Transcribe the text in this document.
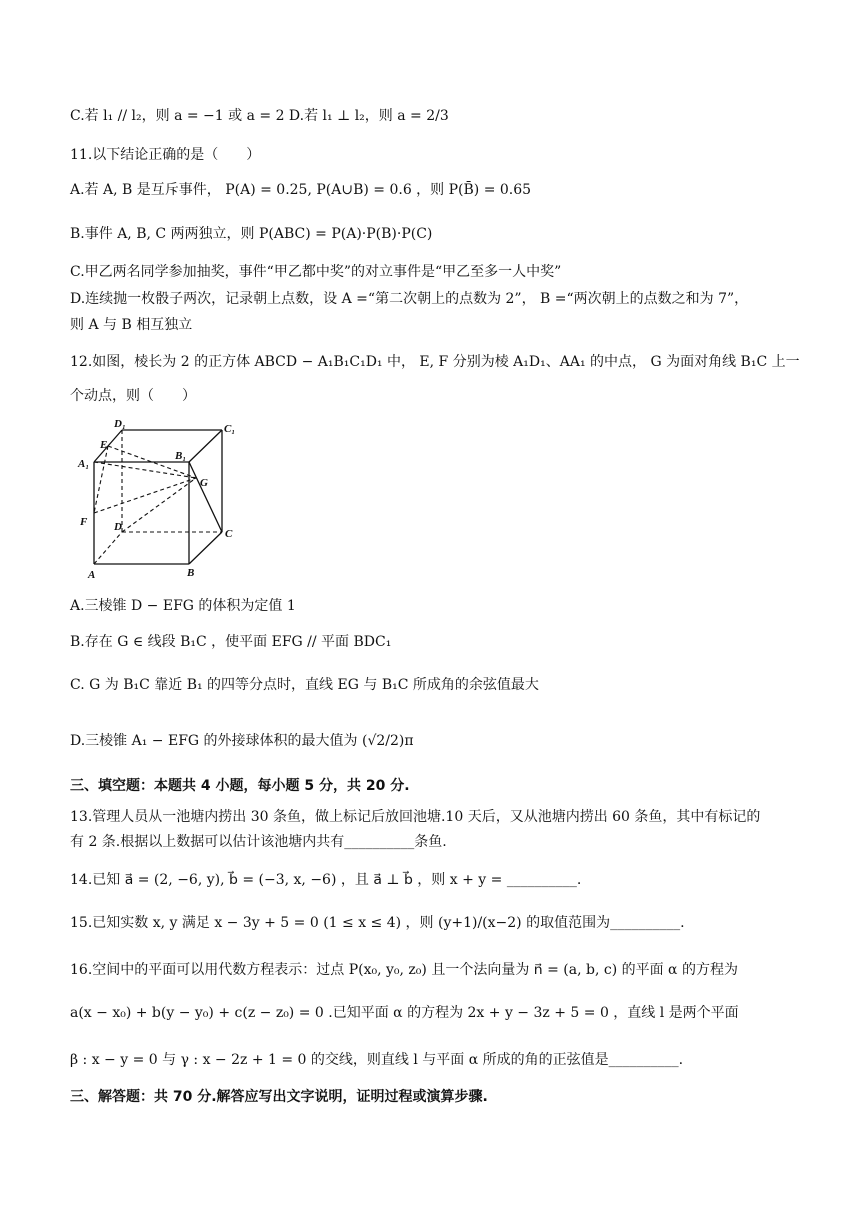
C.若 l₁ // l₂，则 a = −1 或 a = 2 D.若 l₁ ⊥ l₂，则 a = 2/3
11.以下结论正确的是（　　）
A.若 A, B 是互斥事件， P(A) = 0.25, P(A∪B) = 0.6 ，则 P(B̄) = 0.65
B.事件 A, B, C 两两独立，则 P(ABC) = P(A)·P(B)·P(C)
C.甲乙两名同学参加抽奖，事件“甲乙都中奖”的对立事件是“甲乙至多一人中奖”
D.连续抛一枚骰子两次，记录朝上点数，设 A =“第二次朝上的点数为 2”， B =“两次朝上的点数之和为 7”，
则 A 与 B 相互独立
12.如图，棱长为 2 的正方体 ABCD − A₁B₁C₁D₁ 中， E, F 分别为棱 A₁D₁、AA₁ 的中点， G 为面对角线 B₁C 上一
个动点，则（　　）
D₁	C₁
E
A₁
B₁
G
F D
C
A	B
A.三棱锥 D − EFG 的体积为定值 1
B.存在 G ∈ 线段 B₁C ，使平面 EFG // 平面 BDC₁
C. G 为 B₁C 靠近 B₁ 的四等分点时，直线 EG 与 B₁C 所成角的余弦值最大
D.三棱锥 A₁ − EFG 的外接球体积的最大值为 (√2/2)π
三、填空题：本题共 4 小题，每小题 5 分，共 20 分.
13.管理人员从一池塘内捞出 30 条鱼，做上标记后放回池塘.10 天后，又从池塘内捞出 60 条鱼，其中有标记的
有 2 条.根据以上数据可以估计该池塘内共有__________条鱼.
14.已知 a⃗ = (2, −6, y), b⃗ = (−3, x, −6) ，且 a⃗ ⊥ b⃗ ，则 x + y = __________.
15.已知实数 x, y 满足 x − 3y + 5 = 0 (1 ≤ x ≤ 4) ，则 (y+1)/(x−2) 的取值范围为__________.
16.空间中的平面可以用代数方程表示：过点 P(x₀, y₀, z₀) 且一个法向量为 n⃗ = (a, b, c) 的平面 α 的方程为
a(x − x₀) + b(y − y₀) + c(z − z₀) = 0 .已知平面 α 的方程为 2x + y − 3z + 5 = 0 ，直线 l 是两个平面
β : x − y = 0 与 γ : x − 2z + 1 = 0 的交线，则直线 l 与平面 α 所成的角的正弦值是__________.
三、解答题：共 70 分.解答应写出文字说明，证明过程或演算步骤.
